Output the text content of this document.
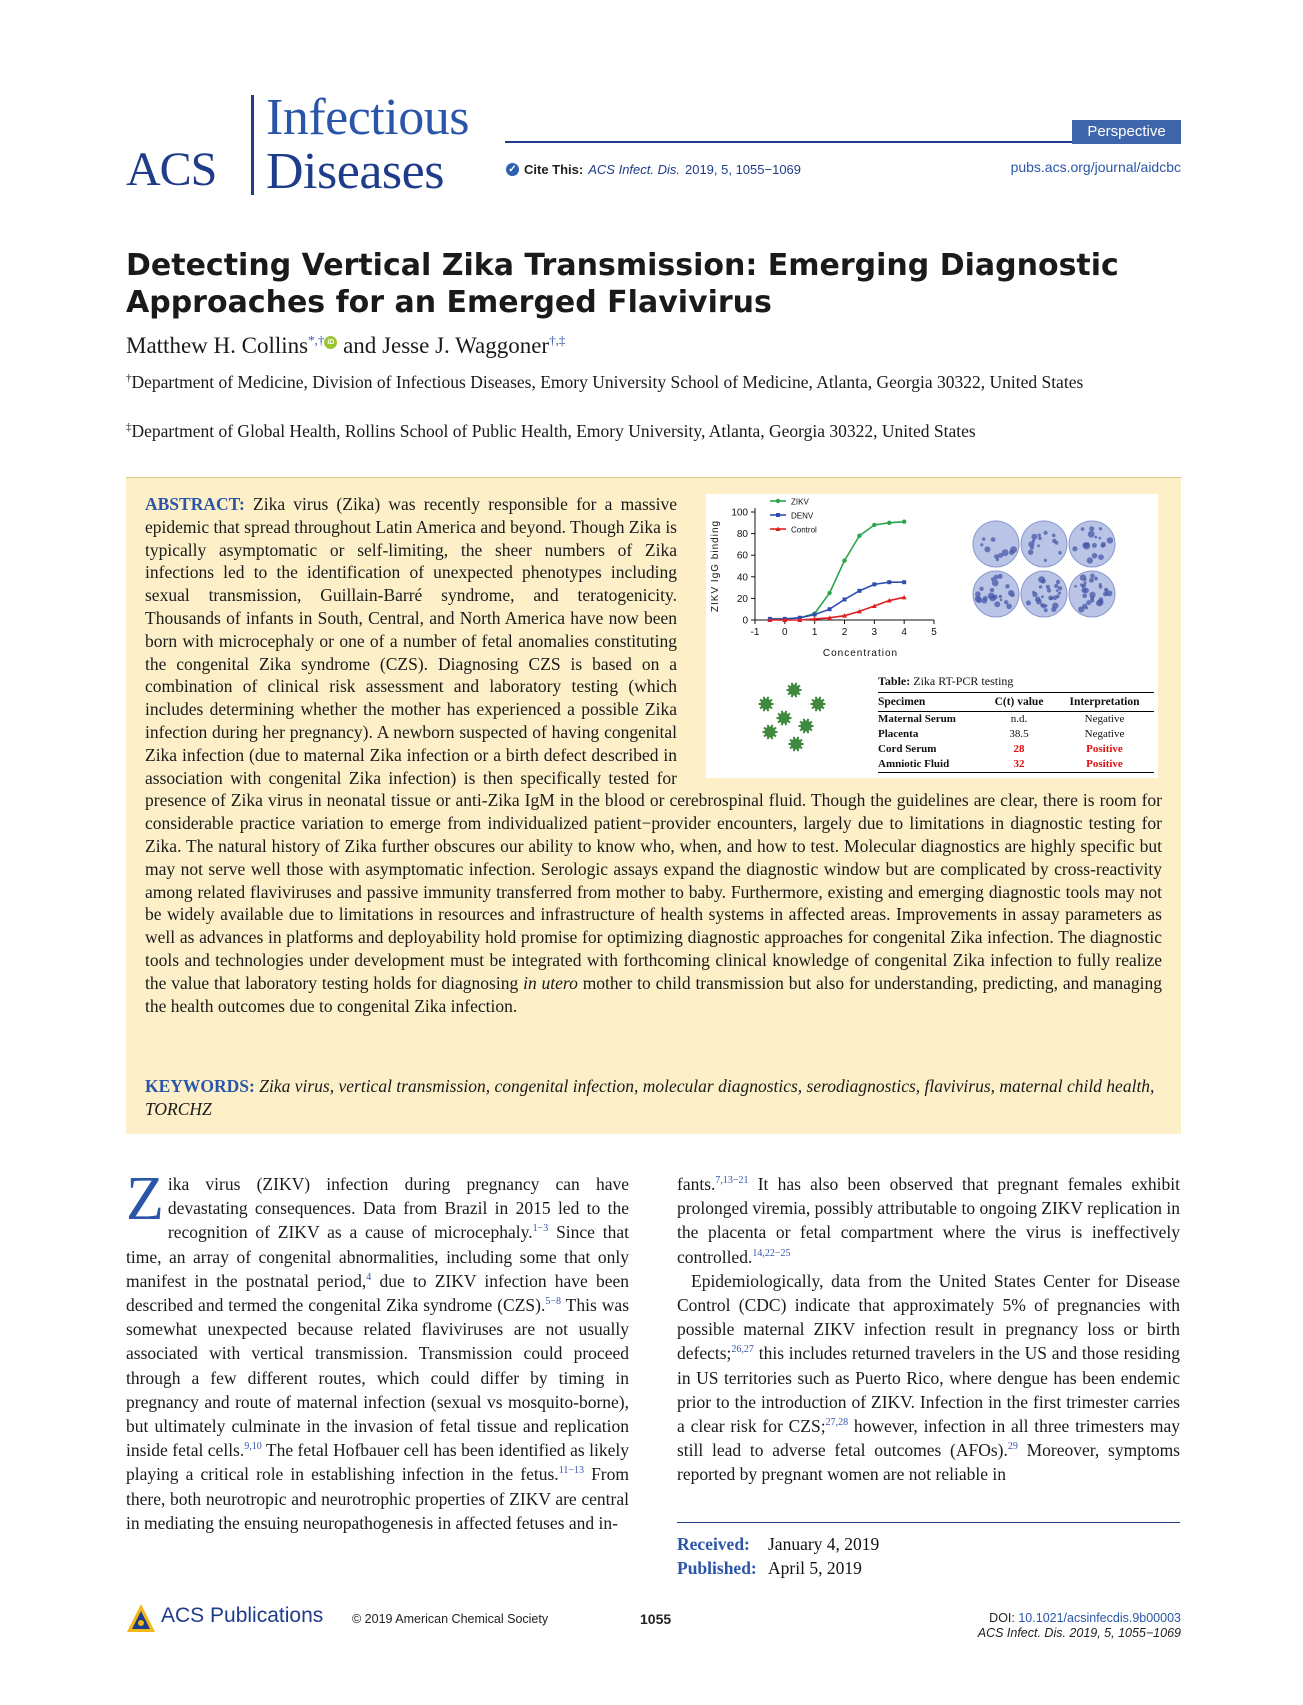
ACS
Infectious
Diseases
Perspective
✓ Cite This: ACS Infect. Dis. 2019, 5, 1055−1069	pubs.acs.org/journal/aidcbc
Detecting Vertical Zika Transmission: Emerging Diagnostic Approaches for an Emerged Flavivirus
Matthew H. Collins*,† iD and Jesse J. Waggoner†,‡
†Department of Medicine, Division of Infectious Diseases, Emory University School of Medicine, Atlanta, Georgia 30322, United States
‡Department of Global Health, Rollins School of Public Health, Emory University, Atlanta, Georgia 30322, United States
ABSTRACT: Zika virus (Zika) was recently responsible for a massive epidemic that spread throughout Latin America and beyond. Though Zika is typically asymptomatic or self-limiting, the sheer numbers of Zika infections led to the identification of unexpected phenotypes including sexual transmission, Guillain-Barré syndrome, and teratogenicity. Thousands of infants in South, Central, and North America have now been born with microcephaly or one of a number of fetal anomalies constituting the congenital Zika syndrome (CZS). Diagnosing CZS is based on a combination of clinical risk assessment and laboratory testing (which includes determining whether the mother has experienced a possible Zika infection during her pregnancy). A newborn suspected of having congenital Zika infection (due to maternal Zika infection or a birth defect described in association with congenital Zika infection) is then specifically tested for presence of Zika virus in neonatal tissue or anti-Zika IgM in the blood or cerebrospinal fluid. Though the guidelines are clear, there is room for considerable practice variation to emerge from individualized patient−provider encounters, largely due to limitations in diagnostic testing for Zika. The natural history of Zika further obscures our ability to know who, when, and how to test. Molecular diagnostics are highly specific but may not serve well those with asymptomatic infection. Serologic assays expand the diagnostic window but are complicated by cross-reactivity among related flaviviruses and passive immunity transferred from mother to baby. Furthermore, existing and emerging diagnostic tools may not be widely available due to limitations in resources and infrastructure of health systems in affected areas. Improvements in assay parameters as well as advances in platforms and deployability hold promise for optimizing diagnostic approaches for congenital Zika infection. The diagnostic tools and technologies under development must be integrated with forthcoming clinical knowledge of congenital Zika infection to fully realize the value that laboratory testing holds for diagnosing in utero mother to child transmission but also for understanding, predicting, and managing the health outcomes due to congenital Zika infection.
0
20
40
60
80
100
-1 0 1 2 3 4 5
Concentration
ZIKV IgG binding
ZIKV
DENV
Control
Table: Zika RT-PCR testing
Specimen	C(t) value	Interpretation
Maternal Serum	n.d.	Negative
Placenta	38.5	Negative
Cord Serum	28	Positive
Amniotic Fluid	32	Positive
KEYWORDS: Zika virus, vertical transmission, congenital infection, molecular diagnostics, serodiagnostics, flavivirus, maternal child health, TORCHZ

Zika virus (ZIKV) infection during pregnancy can have devastating consequences. Data from Brazil in 2015 led to the recognition of ZIKV as a cause of microcephaly.$^{1-3}$ Since that time, an array of congenital abnormalities, including some that only manifest in the postnatal period,$^4$ due to ZIKV infection have been described and termed the congenital Zika syndrome (CZS).$^{5-8}$ This was somewhat unexpected because related flaviviruses are not usually associated with vertical transmission. Transmission could proceed through a few different routes, which could differ by timing in pregnancy and route of maternal infection (sexual vs mosquito-borne), but ultimately culminate in the invasion of fetal tissue and replication inside fetal cells.$^{9,10}$ The fetal Hofbauer cell has been identified as likely playing a critical role in establishing infection in the fetus.$^{11-13}$ From there, both neurotropic and neurotrophic properties of ZIKV are central in mediating the ensuing neuropathogenesis in affected fetuses and in-

fants.$^{7,13-21}$ It has also been observed that pregnant females exhibit prolonged viremia, possibly attributable to ongoing ZIKV replication in the placenta or fetal compartment where the virus is ineffectively controlled.$^{14,22-25}$

Epidemiologically, data from the United States Center for Disease Control (CDC) indicate that approximately 5% of pregnancies with possible maternal ZIKV infection result in pregnancy loss or birth defects;$^{26,27}$ this includes returned travelers in the US and those residing in US territories such as Puerto Rico, where dengue has been endemic prior to the introduction of ZIKV. Infection in the first trimester carries a clear risk for CZS;$^{27,28}$ however, infection in all three trimesters may still lead to adverse fetal outcomes (AFOs).$^{29}$ Moreover, symptoms reported by pregnant women are not reliable in

Received: January 4, 2019
Published: April 5, 2019
ACS Publications © 2019 American Chemical Society	1055	DOI: 10.1021/acsinfecdis.9b00003
ACS Infect. Dis. 2019, 5, 1055−1069
